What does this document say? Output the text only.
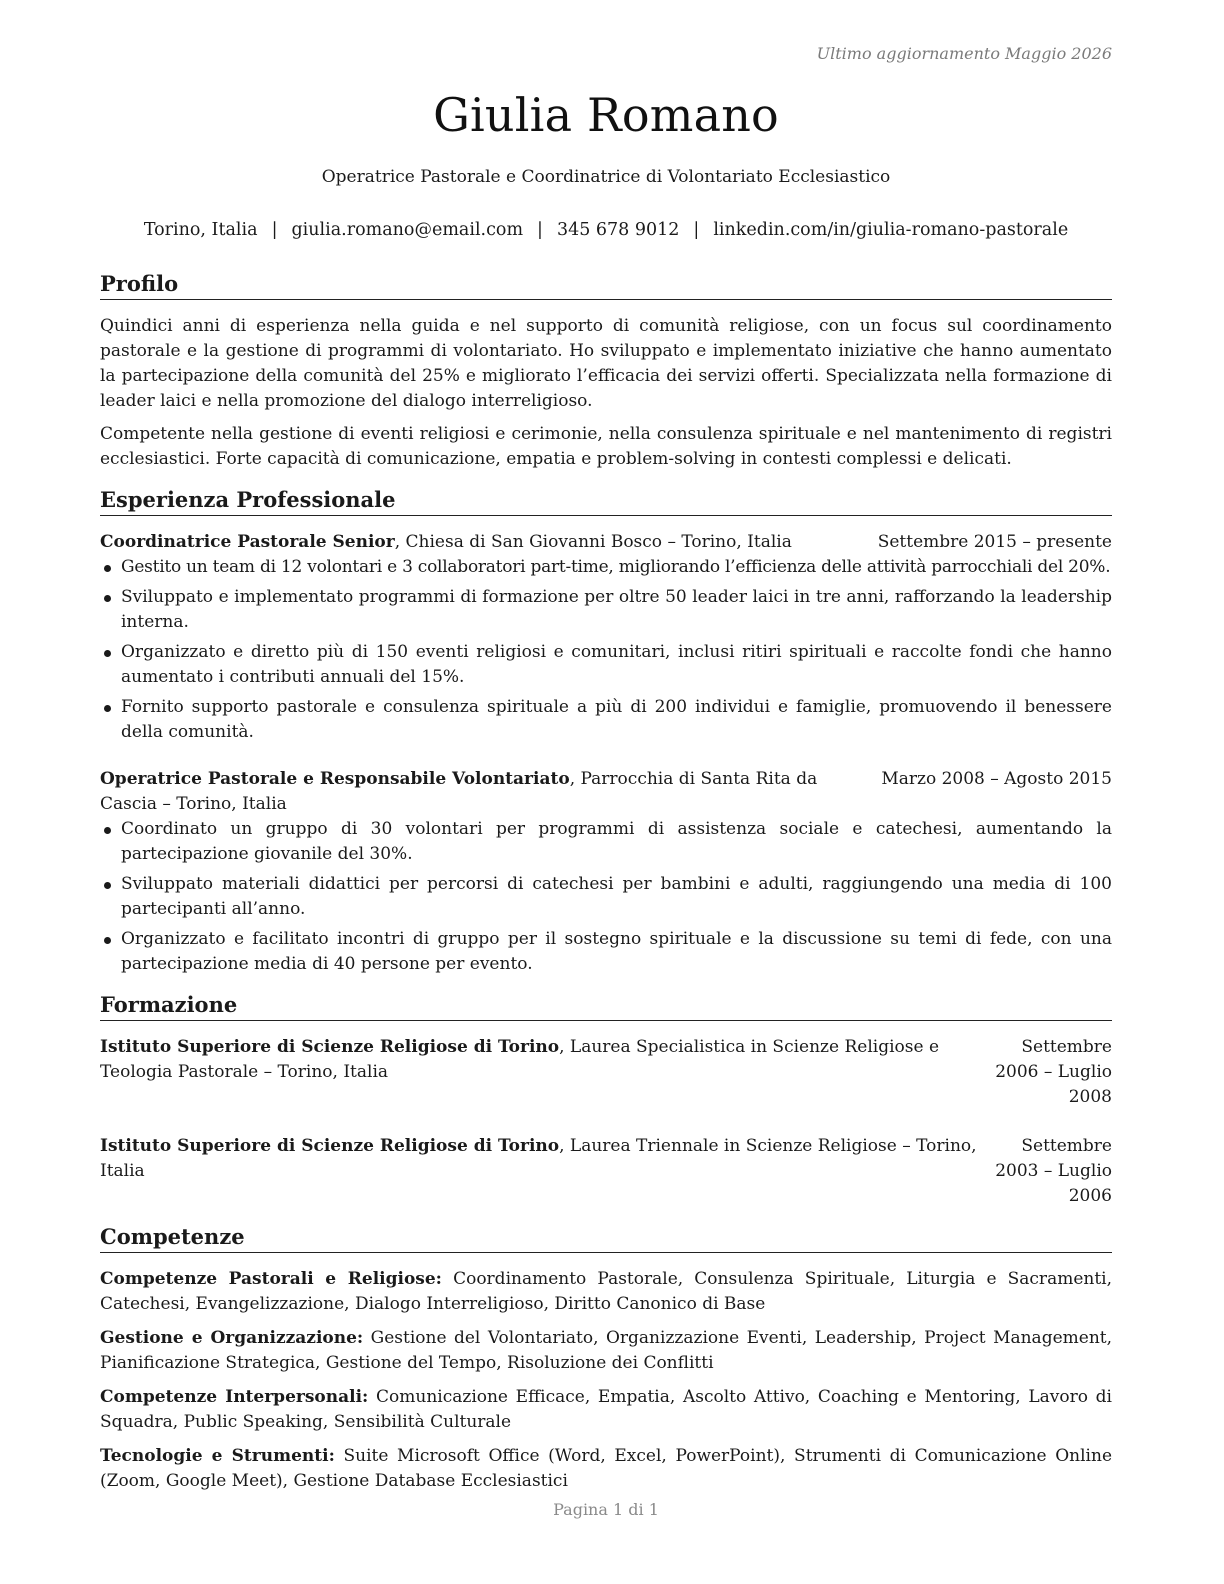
Ultimo aggiornamento Maggio 2026
Giulia Romano
Operatrice Pastorale e Coordinatrice di Volontariato Ecclesiastico
Torino, Italia | giulia.romano@email.com | 345 678 9012 | linkedin.com/in/giulia-romano-pastorale
Profilo

Quindici anni di esperienza nella guida e nel supporto di comunità religiose, con un focus sul coordinamento pastorale e la gestione di programmi di volontariato. Ho sviluppato e implementato iniziative che hanno aumentato la partecipazione della comunità del 25% e migliorato l’efficacia dei servizi offerti. Specializzata nella formazione di leader laici e nella promozione del dialogo interreligioso.

Competente nella gestione di eventi religiosi e cerimonie, nella consulenza spirituale e nel mantenimento di registri ecclesiastici. Forte capacità di comunicazione, empatia e problem-solving in contesti complessi e delicati.

Esperienza Professionale
Coordinatrice Pastorale Senior, Chiesa di San Giovanni Bosco – Torino, Italia	Settembre 2015 – presente
Gestito un team di 12 volontari e 3 collaboratori part-time, migliorando l’efficienza delle attività parrocchiali del 20%.
Sviluppato e implementato programmi di formazione per oltre 50 leader laici in tre anni, rafforzando la leadership interna.
Organizzato e diretto più di 150 eventi religiosi e comunitari, inclusi ritiri spirituali e raccolte fondi che hanno aumentato i contributi annuali del 15%.
Fornito supporto pastorale e consulenza spirituale a più di 200 individui e famiglie, promuovendo il benessere della comunità.
Operatrice Pastorale e Responsabile Volontariato, Parrocchia di Santa Rita da Cascia – Torino, Italia
Marzo 2008 – Agosto 2015
Coordinato un gruppo di 30 volontari per programmi di assistenza sociale e catechesi, aumentando la partecipazione giovanile del 30%.
Sviluppato materiali didattici per percorsi di catechesi per bambini e adulti, raggiungendo una media di 100 partecipanti all’anno.
Organizzato e facilitato incontri di gruppo per il sostegno spirituale e la discussione su temi di fede, con una partecipazione media di 40 persone per evento.
Formazione
Istituto Superiore di Scienze Religiose di Torino, Laurea Specialistica in Scienze Religiose e Teologia Pastorale – Torino, Italia
Settembre 2006 – Luglio 2008
Istituto Superiore di Scienze Religiose di Torino, Laurea Triennale in Scienze Religiose – Torino, Italia
Settembre 2003 – Luglio 2006
Competenze

Competenze Pastorali e Religiose: Coordinamento Pastorale, Consulenza Spirituale, Liturgia e Sacramenti, Catechesi, Evangelizzazione, Dialogo Interreligioso, Diritto Canonico di Base

Gestione e Organizzazione: Gestione del Volontariato, Organizzazione Eventi, Leadership, Project Management, Pianificazione Strategica, Gestione del Tempo, Risoluzione dei Conflitti

Competenze Interpersonali: Comunicazione Efficace, Empatia, Ascolto Attivo, Coaching e Mentoring, Lavoro di Squadra, Public Speaking, Sensibilità Culturale

Tecnologie e Strumenti: Suite Microsoft Office (Word, Excel, PowerPoint), Strumenti di Comunicazione Online (Zoom, Google Meet), Gestione Database Ecclesiastici

Pagina 1 di 1
